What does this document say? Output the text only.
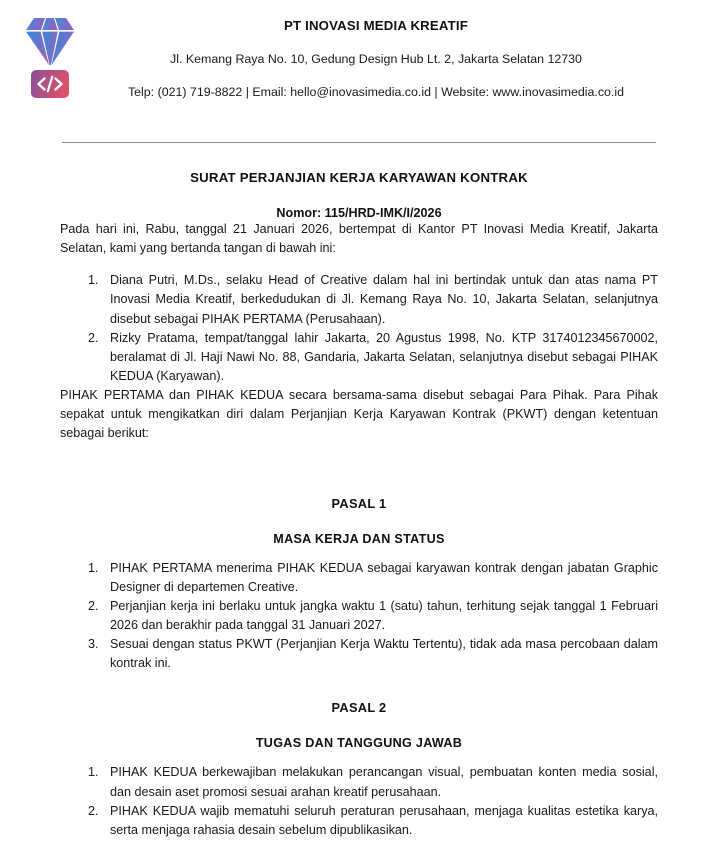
PT INOVASI MEDIA KREATIF
Jl. Kemang Raya No. 10, Gedung Design Hub Lt. 2, Jakarta Selatan 12730
Telp: (021) 719-8822 | Email: hello@inovasimedia.co.id | Website: www.inovasimedia.co.id
SURAT PERJANJIAN KERJA KARYAWAN KONTRAK
Nomor: 115/HRD-IMK/I/2026

Pada hari ini, Rabu, tanggal 21 Januari 2026, bertempat di Kantor PT Inovasi Media Kreatif, Jakarta Selatan, kami yang bertanda tangan di bawah ini:

1. Diana Putri, M.Ds., selaku Head of Creative dalam hal ini bertindak untuk dan atas nama PT Inovasi Media Kreatif, berkedudukan di Jl. Kemang Raya No. 10, Jakarta Selatan, selanjutnya disebut sebagai PIHAK PERTAMA (Perusahaan).
2. Rizky Pratama, tempat/tanggal lahir Jakarta, 20 Agustus 1998, No. KTP 3174012345670002, beralamat di Jl. Haji Nawi No. 88, Gandaria, Jakarta Selatan, selanjutnya disebut sebagai PIHAK KEDUA (Karyawan).

PIHAK PERTAMA dan PIHAK KEDUA secara bersama-sama disebut sebagai Para Pihak. Para Pihak sepakat untuk mengikatkan diri dalam Perjanjian Kerja Karyawan Kontrak (PKWT) dengan ketentuan sebagai berikut:

PASAL 1
MASA KERJA DAN STATUS
1. PIHAK PERTAMA menerima PIHAK KEDUA sebagai karyawan kontrak dengan jabatan Graphic Designer di departemen Creative.
2. Perjanjian kerja ini berlaku untuk jangka waktu 1 (satu) tahun, terhitung sejak tanggal 1 Februari 2026 dan berakhir pada tanggal 31 Januari 2027.
3. Sesuai dengan status PKWT (Perjanjian Kerja Waktu Tertentu), tidak ada masa percobaan dalam kontrak ini.
PASAL 2
TUGAS DAN TANGGUNG JAWAB
1. PIHAK KEDUA berkewajiban melakukan perancangan visual, pembuatan konten media sosial, dan desain aset promosi sesuai arahan kreatif perusahaan.
2. PIHAK KEDUA wajib mematuhi seluruh peraturan perusahaan, menjaga kualitas estetika karya, serta menjaga rahasia desain sebelum dipublikasikan.
